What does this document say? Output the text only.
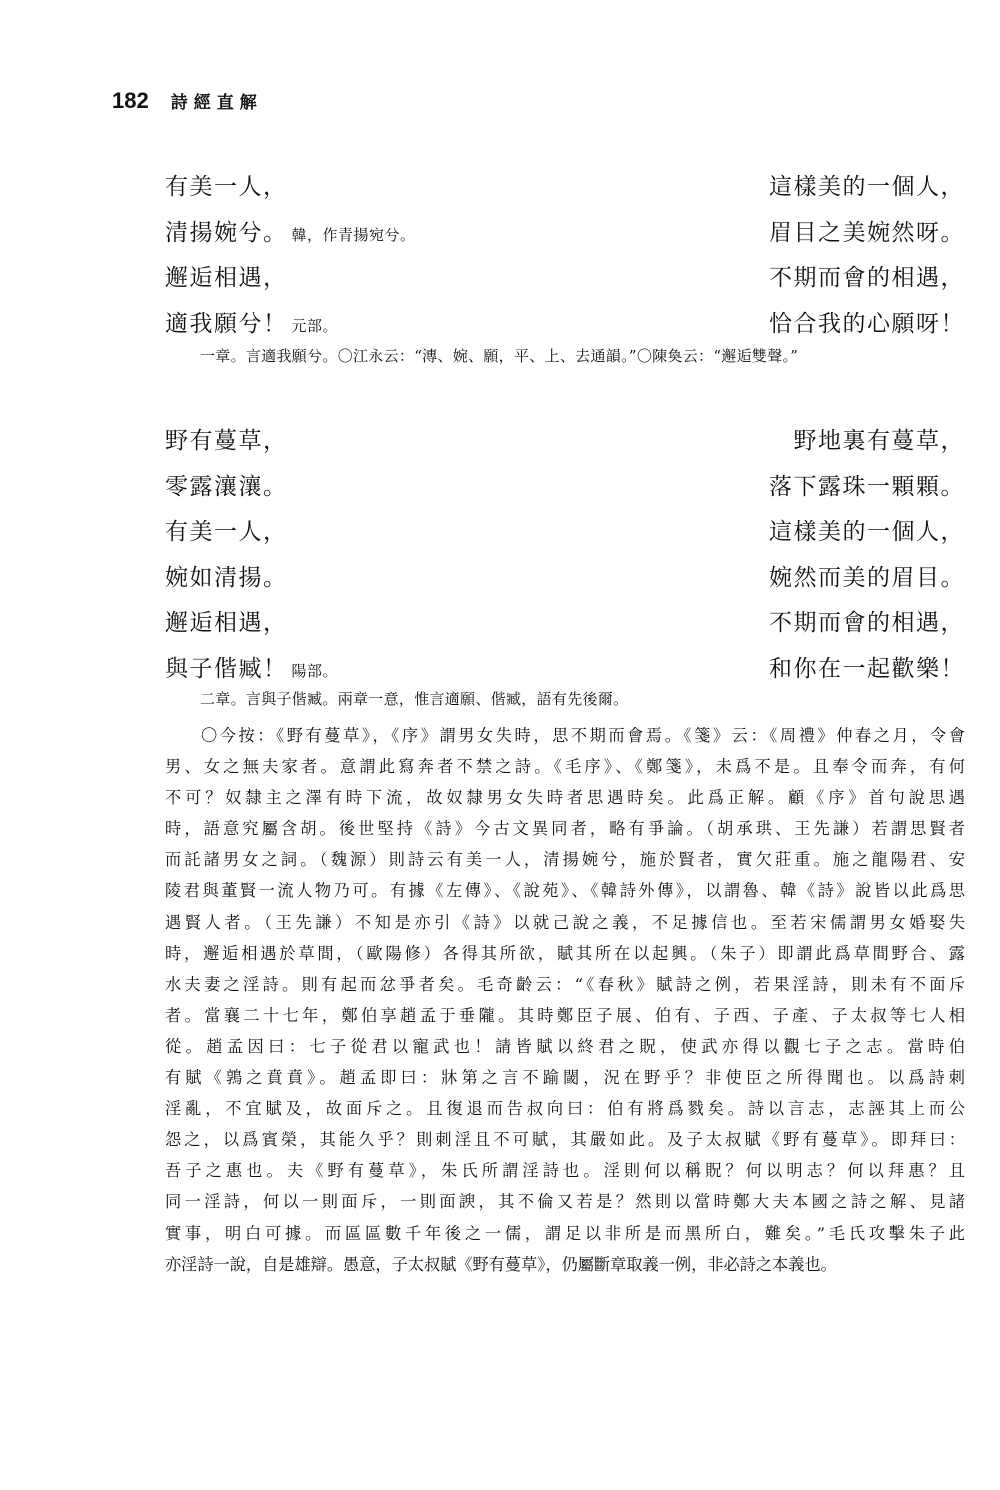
182 詩經直解
有美一人，	這樣美的一個人，
清揚婉兮。 韓，作青揚宛兮。	眉目之美婉然呀。
邂逅相遇，	不期而會的相遇，
適我願兮！ 元部。	恰合我的心願呀！
一章。言適我願兮。〇江永云：“漙、婉、願，平、上、去通韻。”〇陳奐云：“邂逅雙聲。”
野有蔓草，	野地裏有蔓草，
零露瀼瀼。	落下露珠一顆顆。
有美一人，	這樣美的一個人，
婉如清揚。	婉然而美的眉目。
邂逅相遇，	不期而會的相遇，
與子偕臧！ 陽部。	和你在一起歡樂！
二章。言與子偕臧。兩章一意，惟言適願、偕臧，語有先後爾。
〇今按：《野有蔓草》，《序》謂男女失時，思不期而會焉。《箋》云：《周禮》仲春之月，令會
男、女之無夫家者。意謂此寫奔者不禁之詩。《毛序》、《鄭箋》，未爲不是。且奉令而奔，有何
不可？奴隸主之澤有時下流，故奴隸男女失時者思遇時矣。此爲正解。顧《序》首句說思遇
時，語意究屬含胡。後世堅持《詩》今古文異同者，略有爭論。（胡承珙、王先謙）若謂思賢者
而託諸男女之詞。（魏源）則詩云有美一人，清揚婉兮，施於賢者，實欠莊重。施之龍陽君、安
陵君與董賢一流人物乃可。有據《左傳》、《說苑》、《韓詩外傳》，以謂魯、韓《詩》說皆以此爲思
遇賢人者。（王先謙）不知是亦引《詩》以就己說之義，不足據信也。至若宋儒謂男女婚娶失
時，邂逅相遇於草間，（歐陽修）各得其所欲，賦其所在以起興。（朱子）即謂此爲草間野合、露
水夫妻之淫詩。則有起而忿爭者矣。毛奇齡云：“《春秋》賦詩之例，若果淫詩，則未有不面斥
者。當襄二十七年，鄭伯享趙孟于垂隴。其時鄭臣子展、伯有、子西、子產、子太叔等七人相
從。趙孟因曰：七子從君以寵武也！請皆賦以終君之貺，使武亦得以觀七子之志。當時伯
有賦《鶉之賁賁》。趙孟即曰：牀第之言不踰閾，況在野乎？非使臣之所得聞也。以爲詩刺
淫亂，不宜賦及，故面斥之。且復退而告叔向曰：伯有將爲戮矣。詩以言志，志誣其上而公
怨之，以爲賓榮，其能久乎？則刺淫且不可賦，其嚴如此。及子太叔賦《野有蔓草》。即拜曰：
吾子之惠也。夫《野有蔓草》，朱氏所謂淫詩也。淫則何以稱貺？何以明志？何以拜惠？且
同一淫詩，何以一則面斥，一則面諛，其不倫又若是？然則以當時鄭大夫本國之詩之解、見諸
實事，明白可據。而區區數千年後之一儒，謂足以非所是而黑所白，難矣。”毛氏攻擊朱子此
亦淫詩一說，自是雄辯。愚意，子太叔賦《野有蔓草》，仍屬斷章取義一例，非必詩之本義也。
